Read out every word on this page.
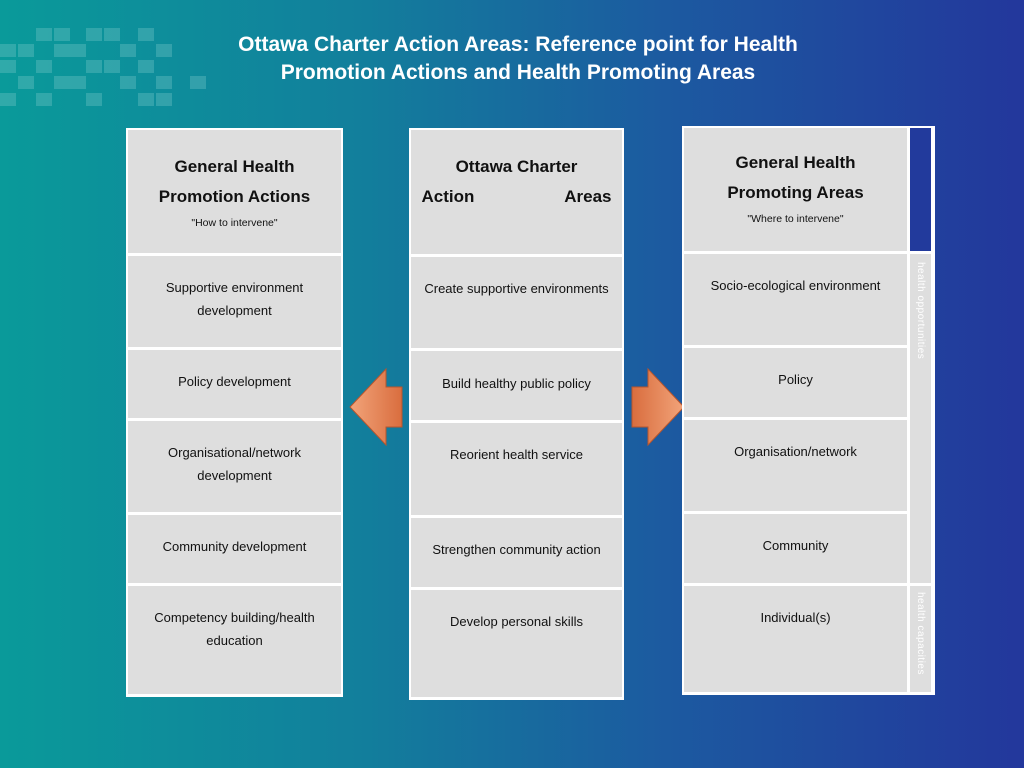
Ottawa Charter Action Areas: Reference point for Health
Promotion Actions and Health Promoting Areas
General Health
Promotion Actions
"How to intervene"
Supportive environment
development
Policy development
Organisational/network
development
Community development
Competency building/health
education
Ottawa Charter
Action	Areas
Create supportive environments
Build healthy public policy
Reorient health service
Strengthen community action
Develop personal skills
General Health
Promoting Areas
"Where to intervene"
Socio-ecological environment
Policy
Organisation/network
Community
Individual(s)
health opportunities
health capacities
